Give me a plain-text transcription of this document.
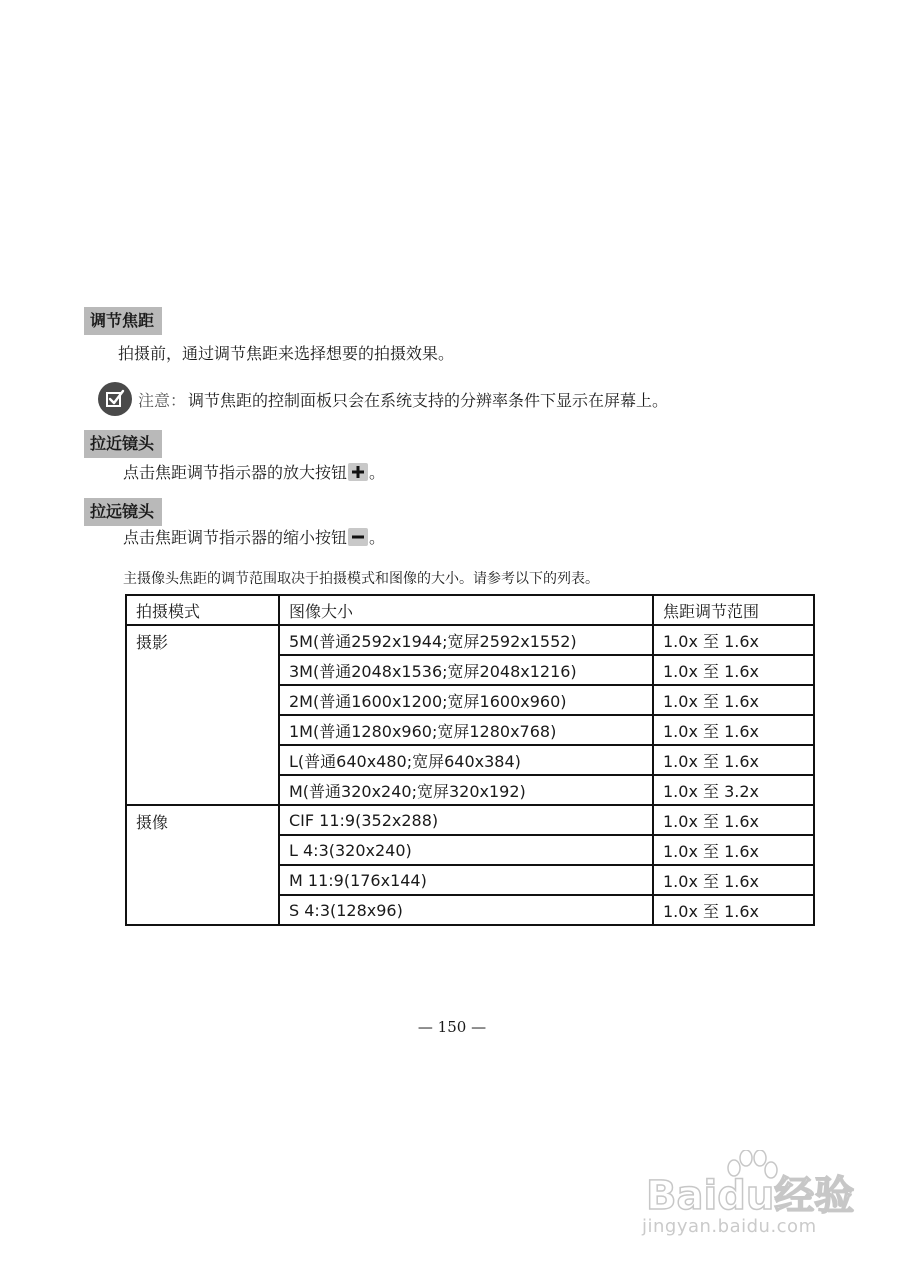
调节焦距
拍摄前，通过调节焦距来选择想要的拍摄效果。
注意： 调节焦距的控制面板只会在系统支持的分辨率条件下显示在屏幕上。
拉近镜头
点击焦距调节指示器的放大按钮 。
拉远镜头
点击焦距调节指示器的缩小按钮 。
主摄像头焦距的调节范围取决于拍摄模式和图像的大小。请参考以下的列表。
拍摄模式	图像大小	焦距调节范围
摄影	5M(普通2592x1944;宽屏2592x1552)	1.0x 至 1.6x
	3M(普通2048x1536;宽屏2048x1216)	1.0x 至 1.6x
	2M(普通1600x1200;宽屏1600x960)	1.0x 至 1.6x
	1M(普通1280x960;宽屏1280x768)	1.0x 至 1.6x
	L(普通640x480;宽屏640x384)	1.0x 至 1.6x
	M(普通320x240;宽屏320x192)	1.0x 至 3.2x
摄像	CIF 11:9(352x288)	1.0x 至 1.6x
	L 4:3(320x240)	1.0x 至 1.6x
	M 11:9(176x144)	1.0x 至 1.6x
	S 4:3(128x96)	1.0x 至 1.6x
— 150 —
Baidu经验
jingyan.baidu.com
